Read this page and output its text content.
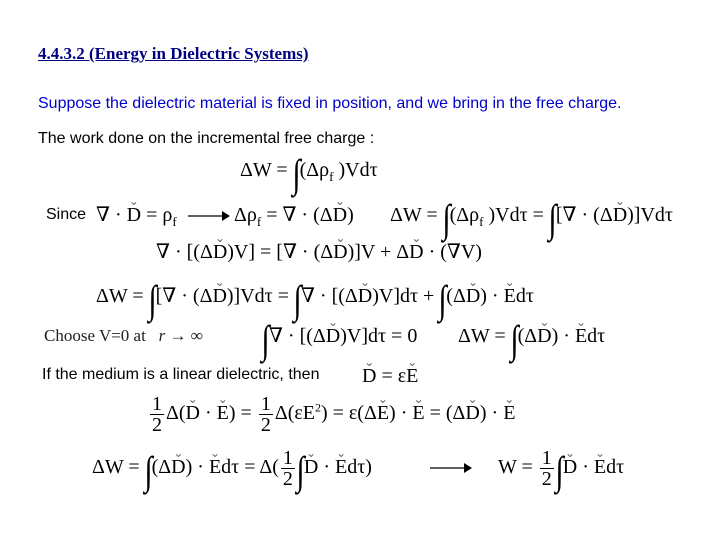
4.4.3.2 (Energy in Dielectric Systems)
Suppose the dielectric material is fixed in position, and we bring in the free charge.
The work done on the incremental free charge :
$\Delta W = \int(\Delta\rho_f$ )Vdτ
Since ∇ · ⌄ $D = \rho_f$	$\Delta\rho_f$ = ∇ · (Δ⌄ D) $\Delta W = \int(\Delta\rho_f$ )Vdτ = ∫[∇ · (Δ⌄ D)]Vdτ
∇ · [(Δ⌄ D)V] = [∇ · (Δ⌄ D)]V + Δ⌄ D · (∇V)
ΔW = ∫[∇ · (Δ⌄ D)]Vdτ = ∫∇ · [(Δ⌄ D)V]dτ + ∫(Δ⌄ D) · ⌄ Edτ
Choose V=0 at r → ∞ ∫∇ · [(Δ⌄ D)V]dτ = 0 ΔW = ∫(Δ⌄ D) · ⌄ Edτ
If the medium is a linear dielectric, then
⌄ D = ε⌄ E
$\frac{1}{2}$ Δ(⌄ D · ⌄ $E) = \frac{1}{2} \Delta(\varepsilon E^2)$ = ε(Δ⌄ E) · ⌄ E = (Δ⌄ D) · ⌄ E
ΔW = ∫(Δ⌄ D) · ⌄ $Ed\tau = \Delta( \frac{1}{2}$ ∫⌄ D · ⌄ Edτ)	$W = \frac{1}{2}$ ∫⌄ D · ⌄ Edτ
